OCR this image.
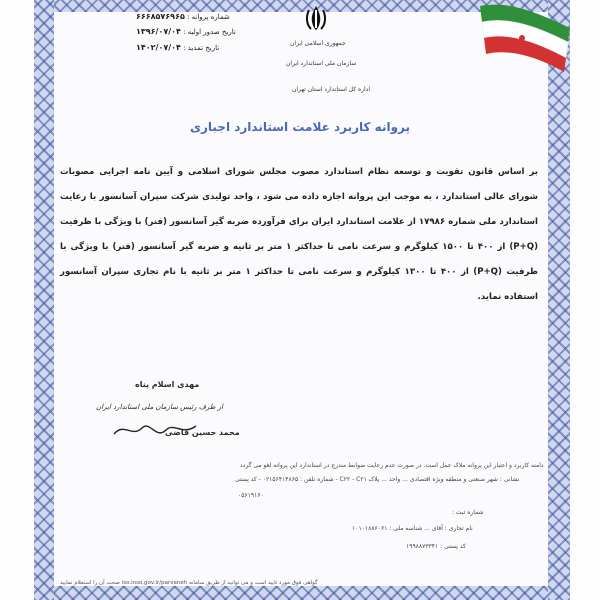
جمهوری اسلامی ایران
سازمان ملی استاندارد ایران
اداره کل استاندارد استان تهران
شماره پروانه : ۶۶۶۸۵۷۶۹۶۵
تاریخ صدور اولیه : ۱۳۹۶/۰۷/۰۴
تاریخ تمدید : ۱۴۰۲/۰۷/۰۴
پروانه کاربرد علامت استاندارد اجباری
بر اساس قانون تقویت و توسعه نظام استاندارد مصوب مجلس شورای اسلامی و آیین نامه اجرایی مصوبات شورای عالی استاندارد ، به موجب این پروانه اجازه داده می شود ، واحد تولیدی شرکت سپران آسانسور با رعایت استاندارد ملی شماره ۱۷۹۸۶ از علامت استاندارد ایران برای فرآورده ضربه گیر آسانسور (فنر) با ویژگی با ظرفیت (P+Q) از ۴۰۰ تا ۱۵۰۰ کیلوگرم و سرعت نامی تا حداکثر ۱ متر بر ثانیه و ضربه گیر آسانسور (فنر) با ویژگی با ظرفیت (P+Q) از ۴۰۰ تا ۱۳۰۰ کیلوگرم و سرعت نامی تا حداکثر ۱ متر بر ثانیه با نام تجاری سپران آسانسور استفاده نماید.
مهدی اسلام پناه
از طرف رئیس سازمان ملی استاندارد ایران
محمد حسین قاضی
دامنه کاربرد و اعتبار این پروانه ملاک عمل است. در صورت عدم رعایت ضوابط مندرج در استاندارد این پروانه لغو می گردد
نشانی : شهر صنعتی و منطقه ویژه اقتصادی ... واحد ... پلاک C۲۲ - C۲۱ - شماره تلفن : ۰۲۱۵۶۴۱۴۸۶۵ - کد پستی
۰۵۶۱۹۱۶۰
شماره ثبت :
نام تجاری : آقای ... شناسه ملی : ۱۰۱۰۱۸۸۶۰۶۱
کد پستی : ۱۹۹۸۸۷۳۳۴۱
گواهی فوق مورد تایید است و می توانید از طریق سامانه iso.inso.gov.ir/parvaneh صحت آن را استعلام نمایید
